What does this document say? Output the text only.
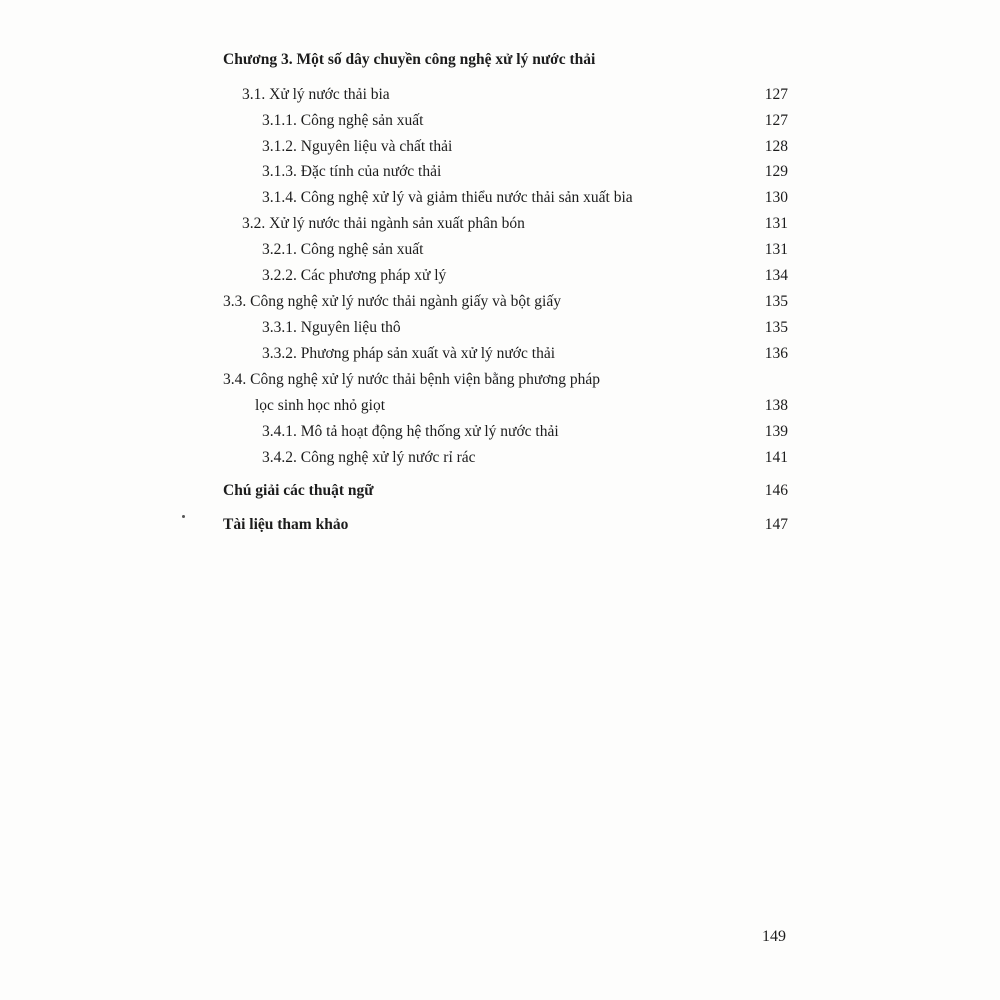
Chương 3. Một số dây chuyền công nghệ xử lý nước thải
3.1. Xử lý nước thải bia	127
3.1.1. Công nghệ sản xuất	127
3.1.2. Nguyên liệu và chất thải	128
3.1.3. Đặc tính của nước thải	129
3.1.4. Công nghệ xử lý và giảm thiểu nước thải sản xuất bia	130
3.2. Xử lý nước thải ngành sản xuất phân bón	131
3.2.1. Công nghệ sản xuất	131
3.2.2. Các phương pháp xử lý	134
3.3. Công nghệ xử lý nước thải ngành giấy và bột giấy	135
3.3.1. Nguyên liệu thô	135
3.3.2. Phương pháp sản xuất và xử lý nước thải	136
3.4. Công nghệ xử lý nước thải bệnh viện bằng phương pháp
lọc sinh học nhỏ giọt	138
3.4.1. Mô tả hoạt động hệ thống xử lý nước thải	139
3.4.2. Công nghệ xử lý nước rỉ rác	141
Chú giải các thuật ngữ	146
Tài liệu tham khảo	147
149
